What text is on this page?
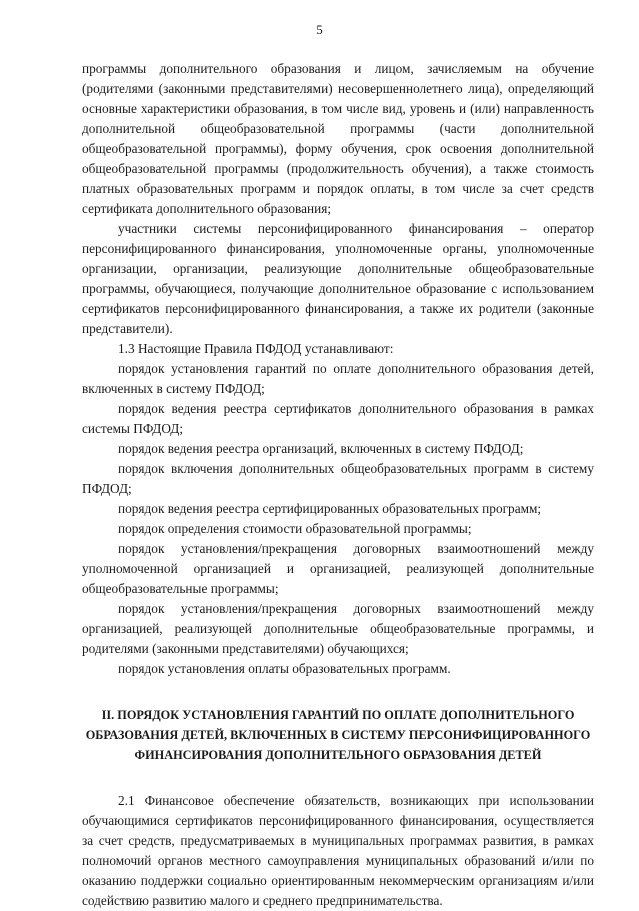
5

программы дополнительного образования и лицом, зачисляемым на обучение (родителями (законными представителями) несовершеннолетнего лица), определяющий основные характеристики образования, в том числе вид, уровень и (или) направленность дополнительной общеобразовательной программы (части дополнительной общеобразовательной программы), форму обучения, срок освоения дополнительной общеобразовательной программы (продолжительность обучения), а также стоимость платных образовательных программ и порядок оплаты, в том числе за счет средств сертификата дополнительного образования;

участники системы персонифицированного финансирования – оператор персонифицированного финансирования, уполномоченные органы, уполномоченные организации, организации, реализующие дополнительные общеобразовательные программы, обучающиеся, получающие дополнительное образование с использованием сертификатов персонифицированного финансирования, а также их родители (законные представители).

1.3 Настоящие Правила ПФДОД устанавливают:

порядок установления гарантий по оплате дополнительного образования детей, включенных в систему ПФДОД;

порядок ведения реестра сертификатов дополнительного образования в рамках системы ПФДОД;

порядок ведения реестра организаций, включенных в систему ПФДОД;

порядок включения дополнительных общеобразовательных программ в систему ПФДОД;

порядок ведения реестра сертифицированных образовательных программ;

порядок определения стоимости образовательной программы;

порядок установления/прекращения договорных взаимоотношений между уполномоченной организацией и организацией, реализующей дополнительные общеобразовательные программы;

порядок установления/прекращения договорных взаимоотношений между организацией, реализующей дополнительные общеобразовательные программы, и родителями (законными представителями) обучающихся;

порядок установления оплаты образовательных программ.

II. ПОРЯДОК УСТАНОВЛЕНИЯ ГАРАНТИЙ ПО ОПЛАТЕ ДОПОЛНИТЕЛЬНОГО ОБРАЗОВАНИЯ ДЕТЕЙ, ВКЛЮЧЕННЫХ В СИСТЕМУ ПЕРСОНИФИЦИРОВАННОГО ФИНАНСИРОВАНИЯ ДОПОЛНИТЕЛЬНОГО ОБРАЗОВАНИЯ ДЕТЕЙ

2.1 Финансовое обеспечение обязательств, возникающих при использовании обучающимися сертификатов персонифицированного финансирования, осуществляется за счет средств, предусматриваемых в муниципальных программах развития, в рамках полномочий органов местного самоуправления муниципальных образований и/или по оказанию поддержки социально ориентированным некоммерческим организациям и/или содействию развитию малого и среднего предпринимательства.
